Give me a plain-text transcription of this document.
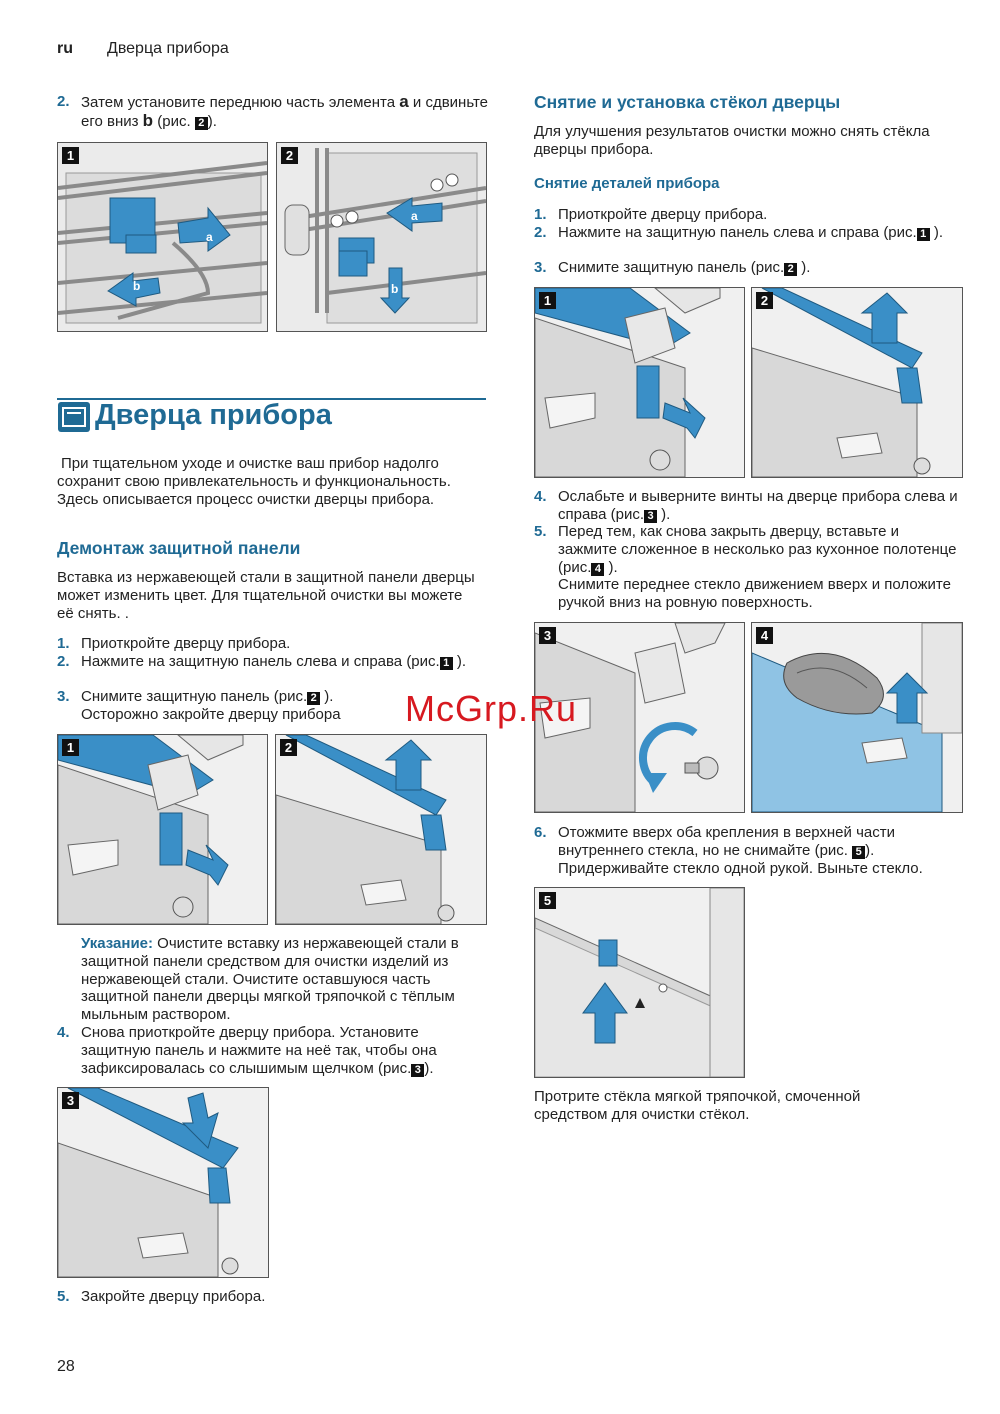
ru Дверца прибора
2. Затем установите переднюю часть элемента a и сдвиньте его вниз b (рис. 2 ).
a
b
1
a
b
2
Дверца прибора
При тщательном уходе и очистке ваш прибор надолго сохранит свою привлекательность и функциональность. Здесь описывается процесс очистки дверцы прибора.
Демонтаж защитной панели
Вставка из нержавеющей стали в защитной панели дверцы может изменить цвет. Для тщательной очистки вы можете её снять. .
1. Приоткройте дверцу прибора.
2. Нажмите на защитную панель слева и справа (рис. 1 ).
3. Снимите защитную панель (рис. 2 ).
Осторожно закройте дверцу прибора
1	2
Указание: Очистите вставку из нержавеющей стали в защитной панели средством для очистки изделий из нержавеющей стали. Очистите оставшуюся часть защитной панели дверцы мягкой тряпочкой с тёплым мыльным раствором.
4. Снова приоткройте дверцу прибора. Установите защитную панель и нажмите на неё так, чтобы она зафиксировалась со слышимым щелчком (рис. 3 ).
3
5. Закройте дверцу прибора.
Снятие и установка стёкол дверцы
Для улучшения результатов очистки можно снять стёкла дверцы прибора.
Снятие деталей прибора
1. Приоткройте дверцу прибора.
2. Нажмите на защитную панель слева и справа (рис. 1 ).
3. Снимите защитную панель (рис. 2 ).
1	2
4. Ослабьте и выверните винты на дверце прибора слева и справа (рис. 3 ).
5. Перед тем, как снова закрыть дверцу, вставьте и зажмите сложенное в несколько раз кухонное полотенце (рис. 4 ).
Снимите переднее стекло движением вверх и положите ручкой вниз на ровную поверхность.
3	4
6. Отожмите вверх оба крепления в верхней части внутреннего стекла, но не снимайте (рис. 5 ).
Придерживайте стекло одной рукой. Выньте стекло.
5
Протрите стёкла мягкой тряпочкой, смоченной средством для очистки стёкол.
McGrp.Ru
28
